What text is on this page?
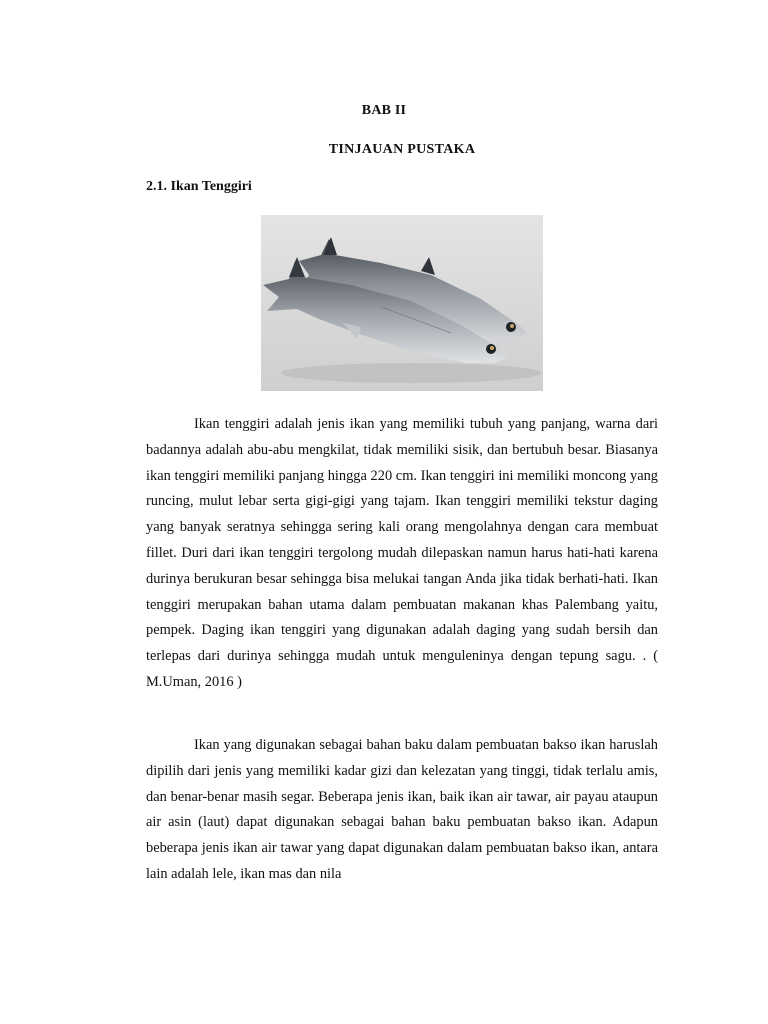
BAB II
TINJAUAN PUSTAKA
2.1. Ikan Tenggiri

Ikan tenggiri adalah jenis ikan yang memiliki tubuh yang panjang, warna dari badannya adalah abu-abu mengkilat, tidak memiliki sisik, dan bertubuh besar. Biasanya ikan tenggiri memiliki panjang hingga 220 cm. Ikan tenggiri ini memiliki moncong yang runcing, mulut lebar serta gigi-gigi yang tajam. Ikan tenggiri memiliki tekstur daging yang banyak seratnya sehingga sering kali orang mengolahnya dengan cara membuat fillet. Duri dari ikan tenggiri tergolong mudah dilepaskan namun harus hati-hati karena durinya berukuran besar sehingga bisa melukai tangan Anda jika tidak berhati-hati. Ikan tenggiri merupakan bahan utama dalam pembuatan makanan khas Palembang yaitu, pempek. Daging ikan tenggiri yang digunakan adalah daging yang sudah bersih dan terlepas dari durinya sehingga mudah untuk menguleninya dengan tepung sagu. . ( M.Uman, 2016 )

Ikan yang digunakan sebagai bahan baku dalam pembuatan bakso ikan haruslah dipilih dari jenis yang memiliki kadar gizi dan kelezatan yang tinggi, tidak terlalu amis, dan benar-benar masih segar. Beberapa jenis ikan, baik ikan air tawar, air payau ataupun air asin (laut) dapat digunakan sebagai bahan baku pembuatan bakso ikan. Adapun beberapa jenis ikan air tawar yang dapat digunakan dalam pembuatan bakso ikan, antara lain adalah lele, ikan mas dan nila
